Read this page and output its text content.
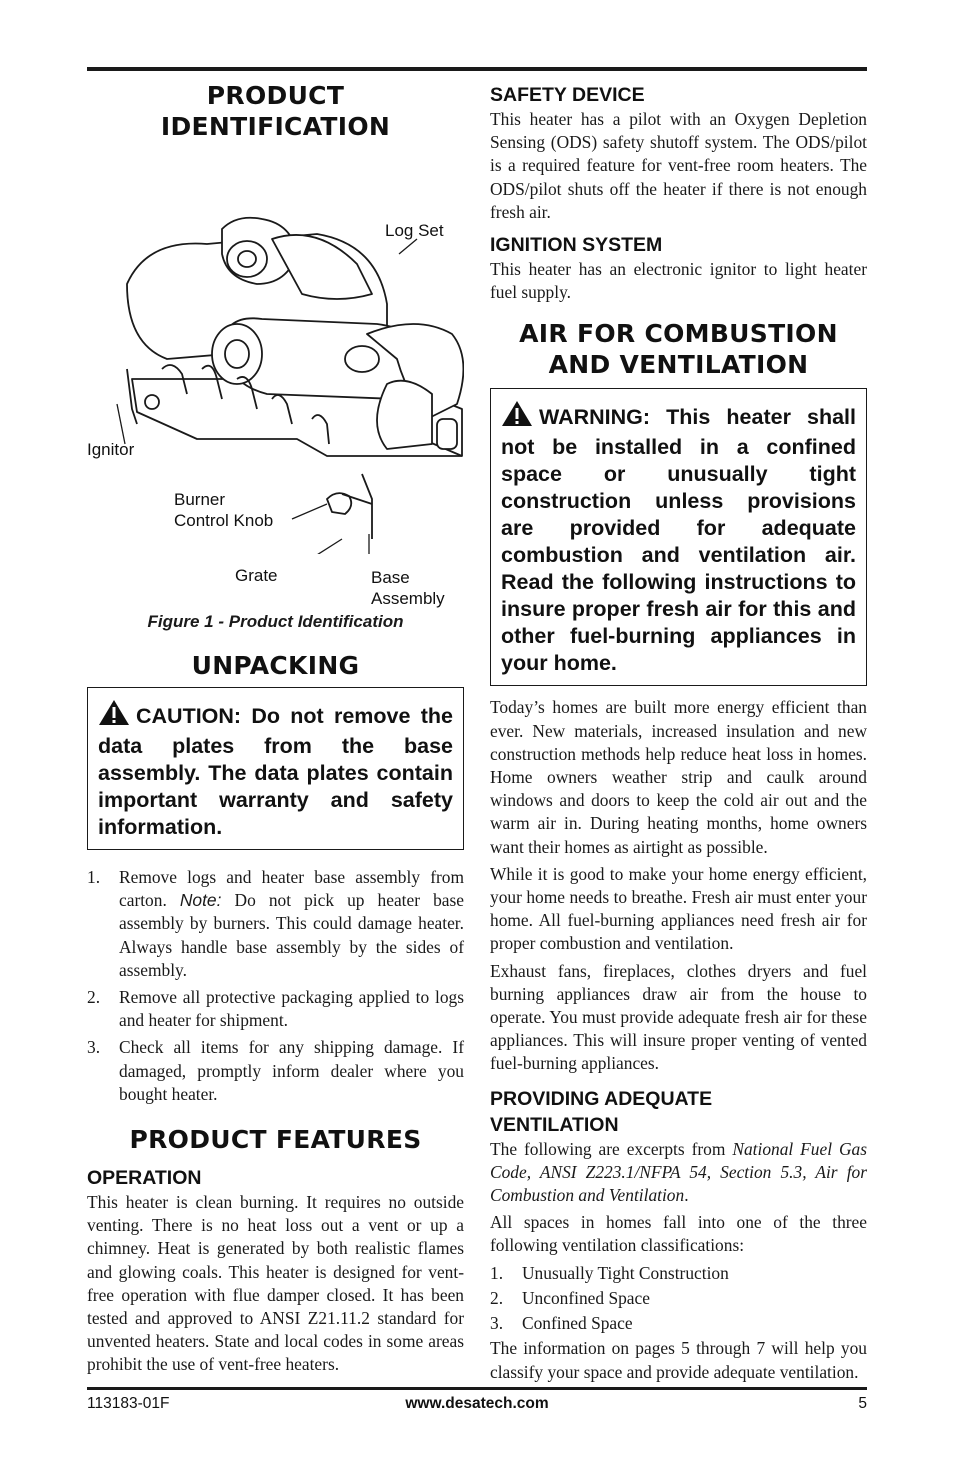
PRODUCT
IDENTIFICATION
Log Set
Ignitor
Burner
Control Knob
Grate	Base
Assembly
Figure 1 - Product Identification
UNPACKING
CAUTION: Do not remove the data plates from the base assembly. The data plates contain important warranty and safety information.
1. Remove logs and heater base assembly from carton. Note: Do not pick up heater base assembly by burners. This could damage heater. Always handle base assembly by the sides of assembly.
2. Remove all protective packaging applied to logs and heater for shipment.
3. Check all items for any shipping damage. If damaged, promptly inform dealer where you bought heater.
PRODUCT FEATURES
OPERATION

This heater is clean burning. It requires no outside venting. There is no heat loss out a vent or up a chimney. Heat is generated by both realistic flames and glowing coals. This heater is designed for vent-free operation with flue damper closed. It has been tested and approved to ANSI Z21.11.2 standard for unvented heaters. State and local codes in some areas prohibit the use of vent-free heaters.

SAFETY DEVICE

This heater has a pilot with an Oxygen Depletion Sensing (ODS) safety shutoff system. The ODS/pilot is a required feature for vent-free room heaters. The ODS/pilot shuts off the heater if there is not enough fresh air.

IGNITION SYSTEM

This heater has an electronic ignitor to light heater fuel supply.

AIR FOR COMBUSTION
AND VENTILATION
WARNING: This heater shall not be installed in a confined space or unusually tight construction unless provisions are provided for adequate combustion and ventilation air. Read the following instructions to insure proper fresh air for this and other fuel-burning appliances in your home.

Today’s homes are built more energy efficient than ever. New materials, increased insulation and new construction methods help reduce heat loss in homes. Home owners weather strip and caulk around windows and doors to keep the cold air out and the warm air in. During heating months, home owners want their homes as airtight as possible.

While it is good to make your home energy efficient, your home needs to breathe. Fresh air must enter your home. All fuel-burning appliances need fresh air for proper combustion and ventilation.

Exhaust fans, fireplaces, clothes dryers and fuel burning appliances draw air from the house to operate. You must provide adequate fresh air for these appliances. This will insure proper venting of vented fuel-burning appliances.

PROVIDING ADEQUATE
VENTILATION

The following are excerpts from National Fuel Gas Code, ANSI Z223.1/NFPA 54, Section 5.3, Air for Combustion and Ventilation.

All spaces in homes fall into one of the three following ventilation classifications:

1. Unusually Tight Construction
2. Unconfined Space
3. Confined Space

The information on pages 5 through 7 will help you classify your space and provide adequate ventilation.

113183-01F	www.desatech.com	5
